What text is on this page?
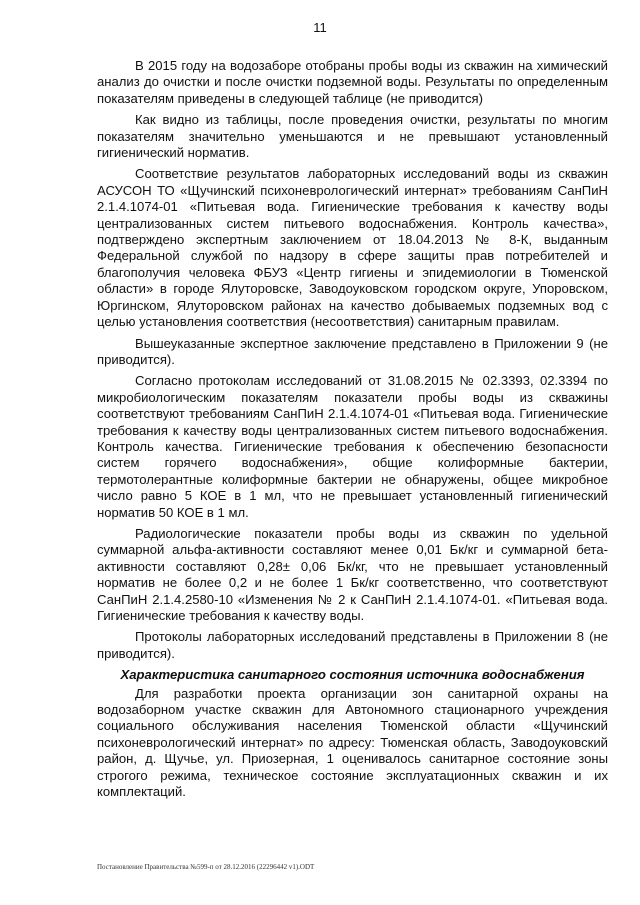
11

В 2015 году на водозаборе отобраны пробы воды из скважин на химический анализ до очистки и после очистки подземной воды. Результаты по определенным показателям приведены в следующей таблице (не приводится)

Как видно из таблицы, после проведения очистки, результаты по многим показателям значительно уменьшаются и не превышают установленный гигиенический норматив.

Соответствие результатов лабораторных исследований воды из скважин АСУСОН ТО «Щучинский психоневрологический интернат» требованиям СанПиН 2.1.4.1074-01 «Питьевая вода. Гигиенические требования к качеству воды централизованных систем питьевого водоснабжения. Контроль качества», подтверждено экспертным заключением от 18.04.2013 № 8-К, выданным Федеральной службой по надзору в сфере защиты прав потребителей и благополучия человека ФБУЗ «Центр гигиены и эпидемиологии в Тюменской области» в городе Ялуторовске, Заводоуковском городском округе, Упоровском, Юргинском, Ялуторовском районах на качество добываемых подземных вод с целью установления соответствия (несоответствия) санитарным правилам.

Вышеуказанные экспертное заключение представлено в Приложении 9 (не приводится).

Согласно протоколам исследований от 31.08.2015 № 02.3393, 02.3394 по микробиологическим показателям показатели пробы воды из скважины соответствуют требованиям СанПиН 2.1.4.1074-01 «Питьевая вода. Гигиенические требования к качеству воды централизованных систем питьевого водоснабжения. Контроль качества. Гигиенические требования к обеспечению безопасности систем горячего водоснабжения», общие колиформные бактерии, термотолерантные колиформные бактерии не обнаружены, общее микробное число равно 5 КОЕ в 1 мл, что не превышает установленный гигиенический норматив 50 КОЕ в 1 мл.

Радиологические показатели пробы воды из скважин по удельной суммарной альфа-активности составляют менее 0,01 Бк/кг и суммарной бета-активности составляют 0,28± 0,06 Бк/кг, что не превышает установленный норматив не более 0,2 и не более 1 Бк/кг соответственно, что соответствуют СанПиН 2.1.4.2580-10 «Изменения № 2 к СанПиН 2.1.4.1074-01. «Питьевая вода. Гигиенические требования к качеству воды.

Протоколы лабораторных исследований представлены в Приложении 8 (не приводится).

Характеристика санитарного состояния источника водоснабжения

Для разработки проекта организации зон санитарной охраны на водозаборном участке скважин для Автономного стационарного учреждения социального обслуживания населения Тюменской области «Щучинский психоневрологический интернат» по адресу: Тюменская область, Заводоуковский район, д. Щучье, ул. Приозерная, 1 оценивалось санитарное состояние зоны строгого режима, техническое состояние эксплуатационных скважин и их комплектаций.

Постановление Правительства №599-п от 28.12.2016 (22296442 v1).ODT
